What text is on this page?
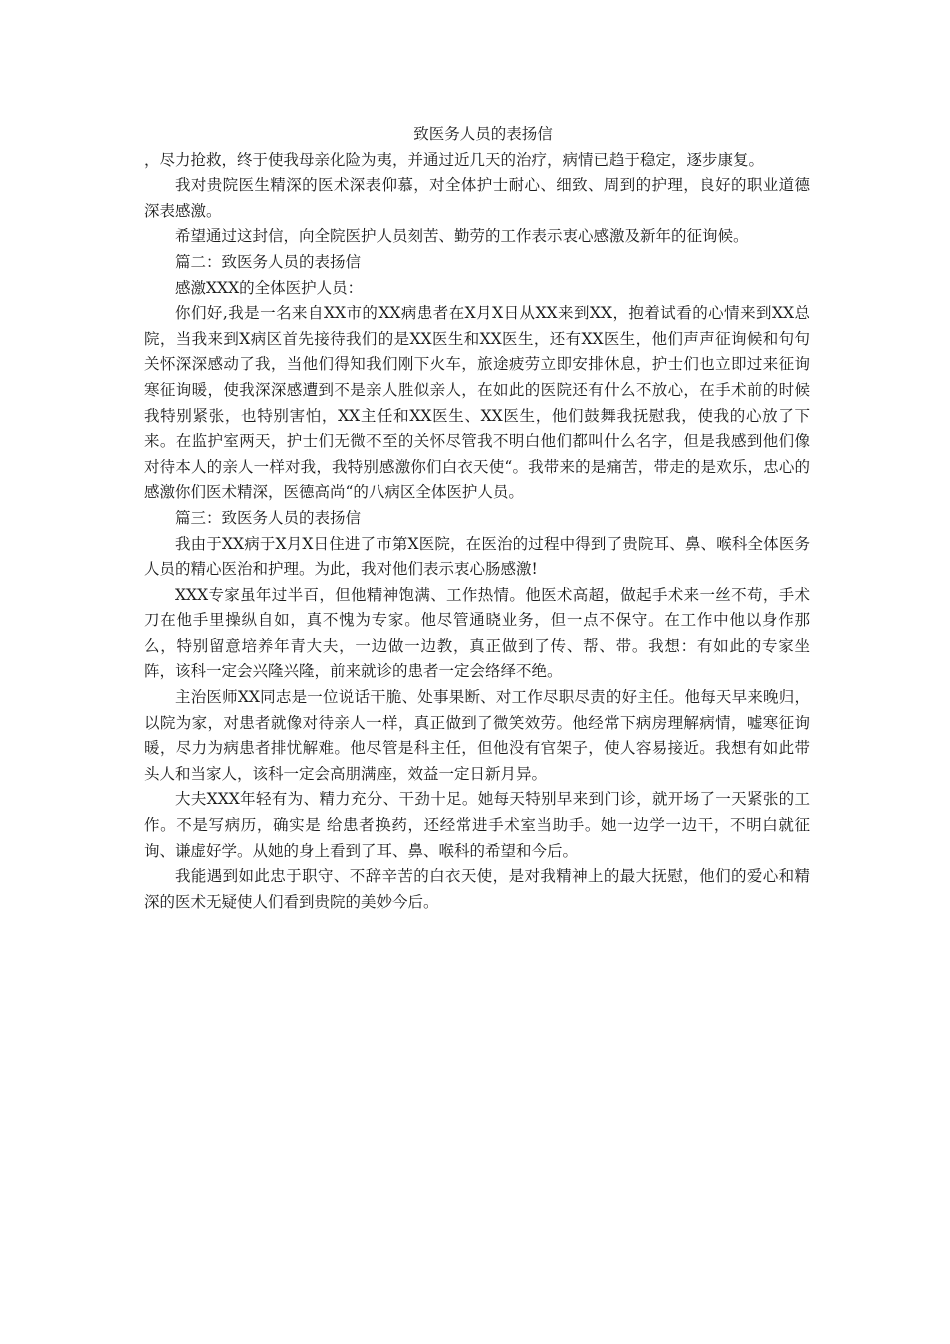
致医务人员的表扬信

，尽力抢救，终于使我母亲化险为夷，并通过近几天的治疗，病情已趋于稳定，逐步康复。

我对贵院医生精深的医术深表仰慕，对全体护士耐心、细致、周到的护理，良好的职业道德深表感激。

希望通过这封信，向全院医护人员刻苦、勤劳的工作表示衷心感激及新年的征询候。

篇二：致医务人员的表扬信

感激XXX的全体医护人员：

你们好,我是一名来自XX市的XX病患者在X月X日从XX来到XX，抱着试看的心情来到XX总院，当我来到X病区首先接待我们的是XX医生和XX医生，还有XX医生，他们声声征询候和句句关怀深深感动了我，当他们得知我们刚下火车，旅途疲劳立即安排休息，护士们也立即过来征询寒征询暖，使我深深感遭到不是亲人胜似亲人，在如此的医院还有什么不放心，在手术前的时候我特别紧张，也特别害怕，XX主任和XX医生、XX医生，他们鼓舞我抚慰我，使我的心放了下来。在监护室两天，护士们无微不至的关怀尽管我不明白他们都叫什么名字，但是我感到他们像对待本人的亲人一样对我，我特别感激你们白衣天使“。我带来的是痛苦，带走的是欢乐，忠心的感激你们医术精深，医德高尚“的八病区全体医护人员。

篇三：致医务人员的表扬信

我由于XX病于X月X日住进了市第X医院，在医治的过程中得到了贵院耳、鼻、喉科全体医务人员的精心医治和护理。为此，我对他们表示衷心肠感激!

XXX专家虽年过半百，但他精神饱满、工作热情。他医术高超，做起手术来一丝不苟，手术刀在他手里操纵自如，真不愧为专家。他尽管通晓业务，但一点不保守。在工作中他以身作那么，特别留意培养年青大夫，一边做一边教，真正做到了传、帮、带。我想：有如此的专家坐阵，该科一定会兴隆兴隆，前来就诊的患者一定会络绎不绝。

主治医师XX同志是一位说话干脆、处事果断、对工作尽职尽责的好主任。他每天早来晚归，以院为家，对患者就像对待亲人一样，真正做到了微笑效劳。他经常下病房理解病情，嘘寒征询暖，尽力为病患者排忧解难。他尽管是科主任，但他没有官架子，使人容易接近。我想有如此带头人和当家人，该科一定会高朋满座，效益一定日新月异。

大夫XXX年轻有为、精力充分、干劲十足。她每天特别早来到门诊，就开场了一天紧张的工作。不是写病历，确实是 给患者换药，还经常进手术室当助手。她一边学一边干，不明白就征询、谦虚好学。从她的身上看到了耳、鼻、喉科的希望和今后。

我能遇到如此忠于职守、不辞辛苦的白衣天使，是对我精神上的最大抚慰，他们的爱心和精深的医术无疑使人们看到贵院的美妙今后。
